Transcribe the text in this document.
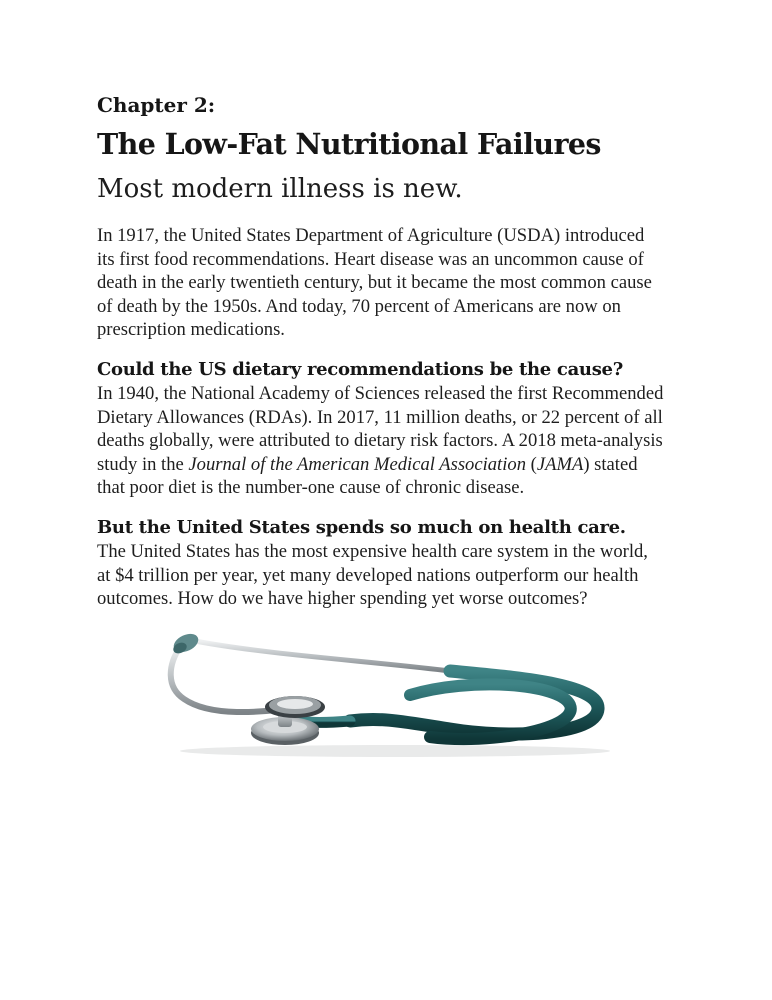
Chapter 2:
The Low-Fat Nutritional Failures
Most modern illness is new.

In 1917, the United States Department of Agriculture (USDA) introduced
its first food recommendations. Heart disease was an uncommon cause of
death in the early twentieth century, but it became the most common cause
of death by the 1950s. And today, 70 percent of Americans are now on
prescription medications.

Could the US dietary recommendations be the cause?

In 1940, the National Academy of Sciences released the first Recommended
Dietary Allowances (RDAs). In 2017, 11 million deaths, or 22 percent of all
deaths globally, were attributed to dietary risk factors. A 2018 meta-analysis
study in the Journal of the American Medical Association (JAMA) stated
that poor diet is the number-one cause of chronic disease.

But the United States spends so much on health care.

The United States has the most expensive health care system in the world,
at $4 trillion per year, yet many developed nations outperform our health
outcomes. How do we have higher spending yet worse outcomes?
